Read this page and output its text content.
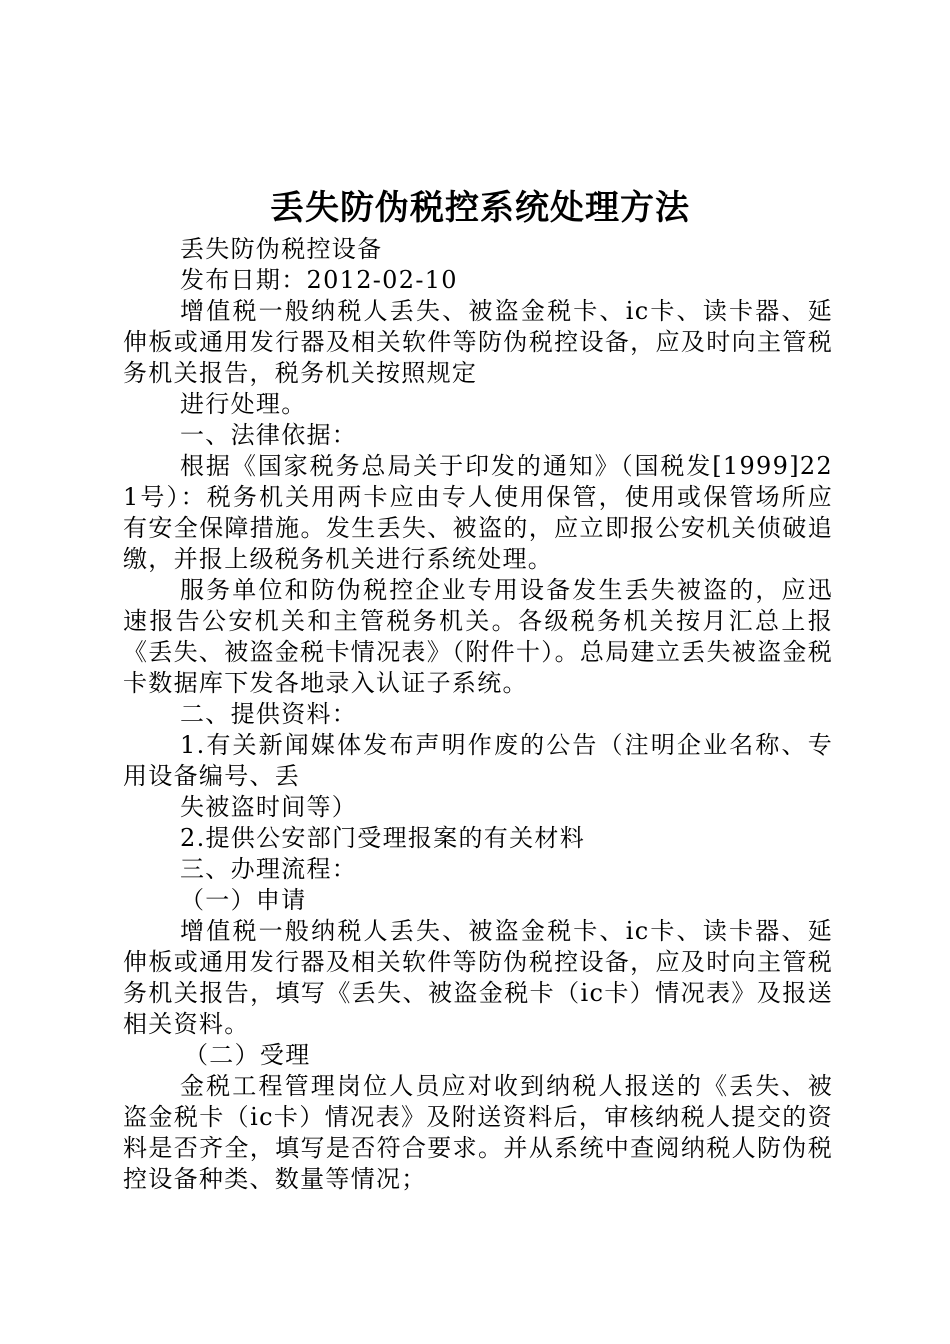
丢失防伪税控系统处理方法

丢失防伪税控设备

发布日期：2012-02-10

增值税一般纳税人丢失、被盗金税卡、ic卡、读卡器、延伸板或通用发行器及相关软件等防伪税控设备，应及时向主管税务机关报告，税务机关按照规定

进行处理。

一、法律依据：

根据《国家税务总局关于印发的通知》（国税发[1999]221号）：税务机关用两卡应由专人使用保管，使用或保管场所应有安全保障措施。发生丢失、被盗的，应立即报公安机关侦破追缴，并报上级税务机关进行系统处理。

服务单位和防伪税控企业专用设备发生丢失被盗的，应迅速报告公安机关和主管税务机关。各级税务机关按月汇总上报《丢失、被盗金税卡情况表》（附件十）。总局建立丢失被盗金税卡数据库下发各地录入认证子系统。

二、提供资料：

1.有关新闻媒体发布声明作废的公告（注明企业名称、专用设备编号、丢

失被盗时间等）

2.提供公安部门受理报案的有关材料

三、办理流程：

（一）申请

增值税一般纳税人丢失、被盗金税卡、ic卡、读卡器、延伸板或通用发行器及相关软件等防伪税控设备，应及时向主管税务机关报告，填写《丢失、被盗金税卡（ic卡）情况表》及报送相关资料。

（二）受理

金税工程管理岗位人员应对收到纳税人报送的《丢失、被盗金税卡（ic卡）情况表》及附送资料后，审核纳税人提交的资料是否齐全，填写是否符合要求。并从系统中查阅纳税人防伪税控设备种类、数量等情况；
